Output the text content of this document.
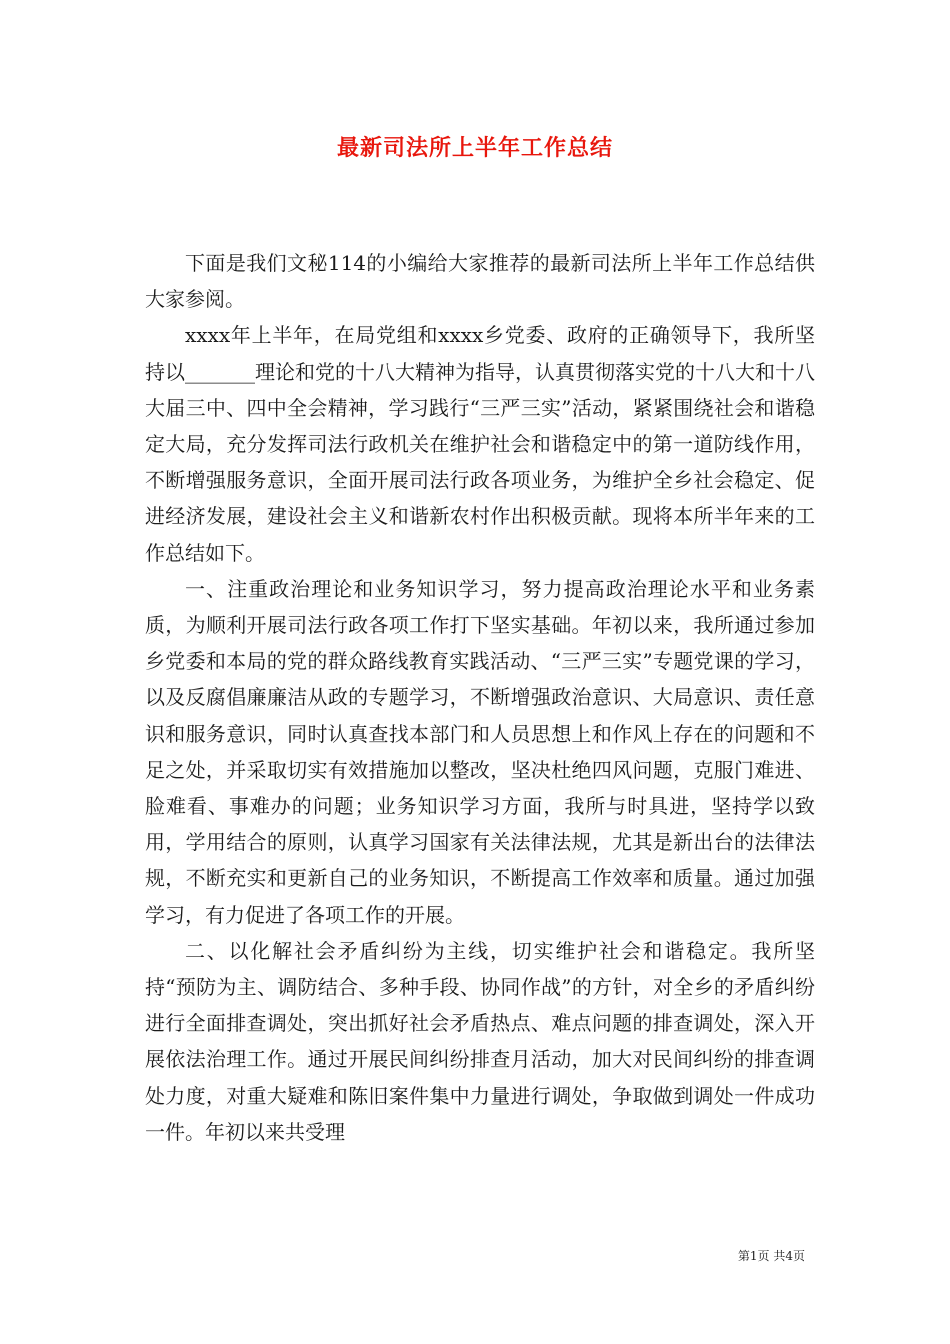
最新司法所上半年工作总结

下面是我们文秘114的小编给大家推荐的最新司法所上半年工作总结供大家参阅。

xxxx年上半年，在局党组和xxxx乡党委、政府的正确领导下，我所坚持以_______理论和党的十八大精神为指导，认真贯彻落实党的十八大和十八大届三中、四中全会精神，学习践行“三严三实”活动，紧紧围绕社会和谐稳定大局，充分发挥司法行政机关在维护社会和谐稳定中的第一道防线作用，不断增强服务意识，全面开展司法行政各项业务，为维护全乡社会稳定、促进经济发展，建设社会主义和谐新农村作出积极贡献。现将本所半年来的工作总结如下。

一、注重政治理论和业务知识学习，努力提高政治理论水平和业务素质，为顺利开展司法行政各项工作打下坚实基础。年初以来，我所通过参加乡党委和本局的党的群众路线教育实践活动、“三严三实”专题党课的学习，以及反腐倡廉廉洁从政的专题学习，不断增强政治意识、大局意识、责任意识和服务意识，同时认真查找本部门和人员思想上和作风上存在的问题和不足之处，并采取切实有效措施加以整改，坚决杜绝四风问题，克服门难进、脸难看、事难办的问题；业务知识学习方面，我所与时具进，坚持学以致用，学用结合的原则，认真学习国家有关法律法规，尤其是新出台的法律法规，不断充实和更新自己的业务知识，不断提高工作效率和质量。通过加强学习，有力促进了各项工作的开展。

二、以化解社会矛盾纠纷为主线，切实维护社会和谐稳定。我所坚持“预防为主、调防结合、多种手段、协同作战”的方针，对全乡的矛盾纠纷进行全面排查调处，突出抓好社会矛盾热点、难点问题的排查调处，深入开展依法治理工作。通过开展民间纠纷排查月活动，加大对民间纠纷的排查调处力度，对重大疑难和陈旧案件集中力量进行调处，争取做到调处一件成功一件。年初以来共受理

第1页 共4页
